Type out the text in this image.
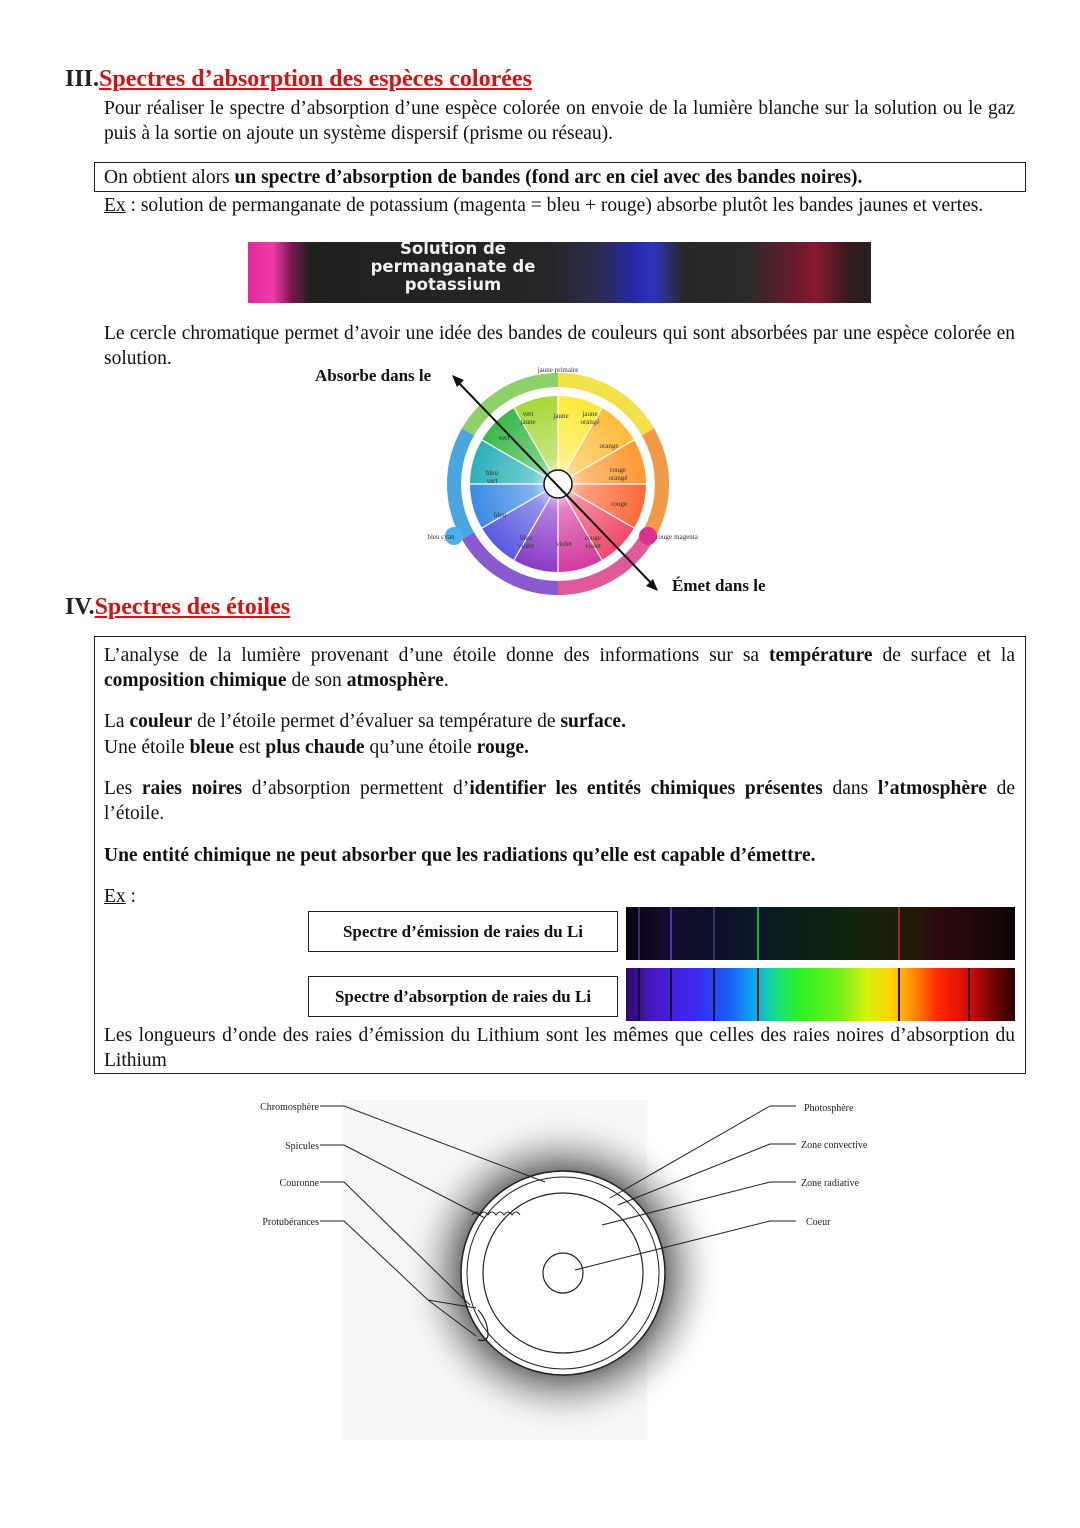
III.Spectres d’absorption des espèces colorées
Pour réaliser le spectre d’absorption d’une espèce colorée on envoie de la lumière blanche sur la solution ou le gaz puis à la sortie on ajoute un système dispersif (prisme ou réseau).
On obtient alors un spectre d’absorption de bandes (fond arc en ciel avec des bandes noires).
Ex : solution de permanganate de potassium (magenta = bleu + rouge) absorbe plutôt les bandes jaunes et vertes.
Solution de
permanganate de
potassium
Le cercle chromatique permet d’avoir une idée des bandes de couleurs qui sont absorbées par une espèce colorée en solution.
Absorbe dans le
Émet dans le
jaune primaire
vert
jaune
jaune jaune
orangé
orange
rouge
orangé
rouge
rouge
violet
violet
bleu
violet
bleu
bleu
vert
vert
bleu cyan	rouge magenta
IV.Spectres des étoiles
L’analyse de la lumière provenant d’une étoile donne des informations sur sa température de surface et la composition chimique de son atmosphère.
La couleur de l’étoile permet d’évaluer sa température de surface.
Une étoile bleue est plus chaude qu’une étoile rouge.
Les raies noires d’absorption permettent d’identifier les entités chimiques présentes dans l’atmosphère de l’étoile.
Une entité chimique ne peut absorber que les radiations qu’elle est capable d’émettre.
Ex :
Spectre d’émission de raies du Li
Spectre d’absorption de raies du Li
Les longueurs d’onde des raies d’émission du Lithium sont les mêmes que celles des raies noires d’absorption du Lithium
Chromosphère
Spicules
Couronne
Protubérances
Photosphère
Zone convective
Zone radiative
Coeur
